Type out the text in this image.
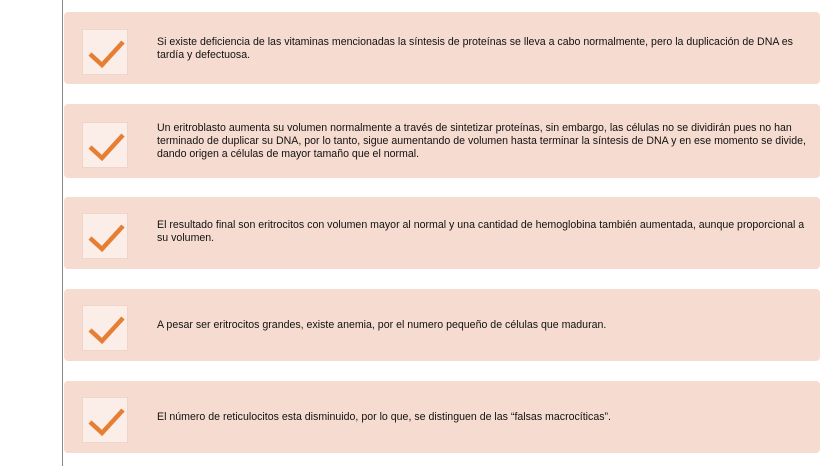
Si existe deficiencia de las vitaminas mencionadas la síntesis de proteínas se lleva a cabo normalmente, pero la duplicación de DNA es tardía y defectuosa.
Un eritroblasto aumenta su volumen normalmente a través de sintetizar proteínas, sin embargo, las células no se dividirán pues no han terminado de duplicar su DNA, por lo tanto, sigue aumentando de volumen hasta terminar la síntesis de DNA y en ese momento se divide, dando origen a células de mayor tamaño que el normal.
El resultado final son eritrocitos con volumen mayor al normal y una cantidad de hemoglobina también aumentada, aunque proporcional a su volumen.
A pesar ser eritrocitos grandes, existe anemia, por el numero pequeño de células que maduran.
El número de reticulocitos esta disminuido, por lo que, se distinguen de las “falsas macrocíticas”.
